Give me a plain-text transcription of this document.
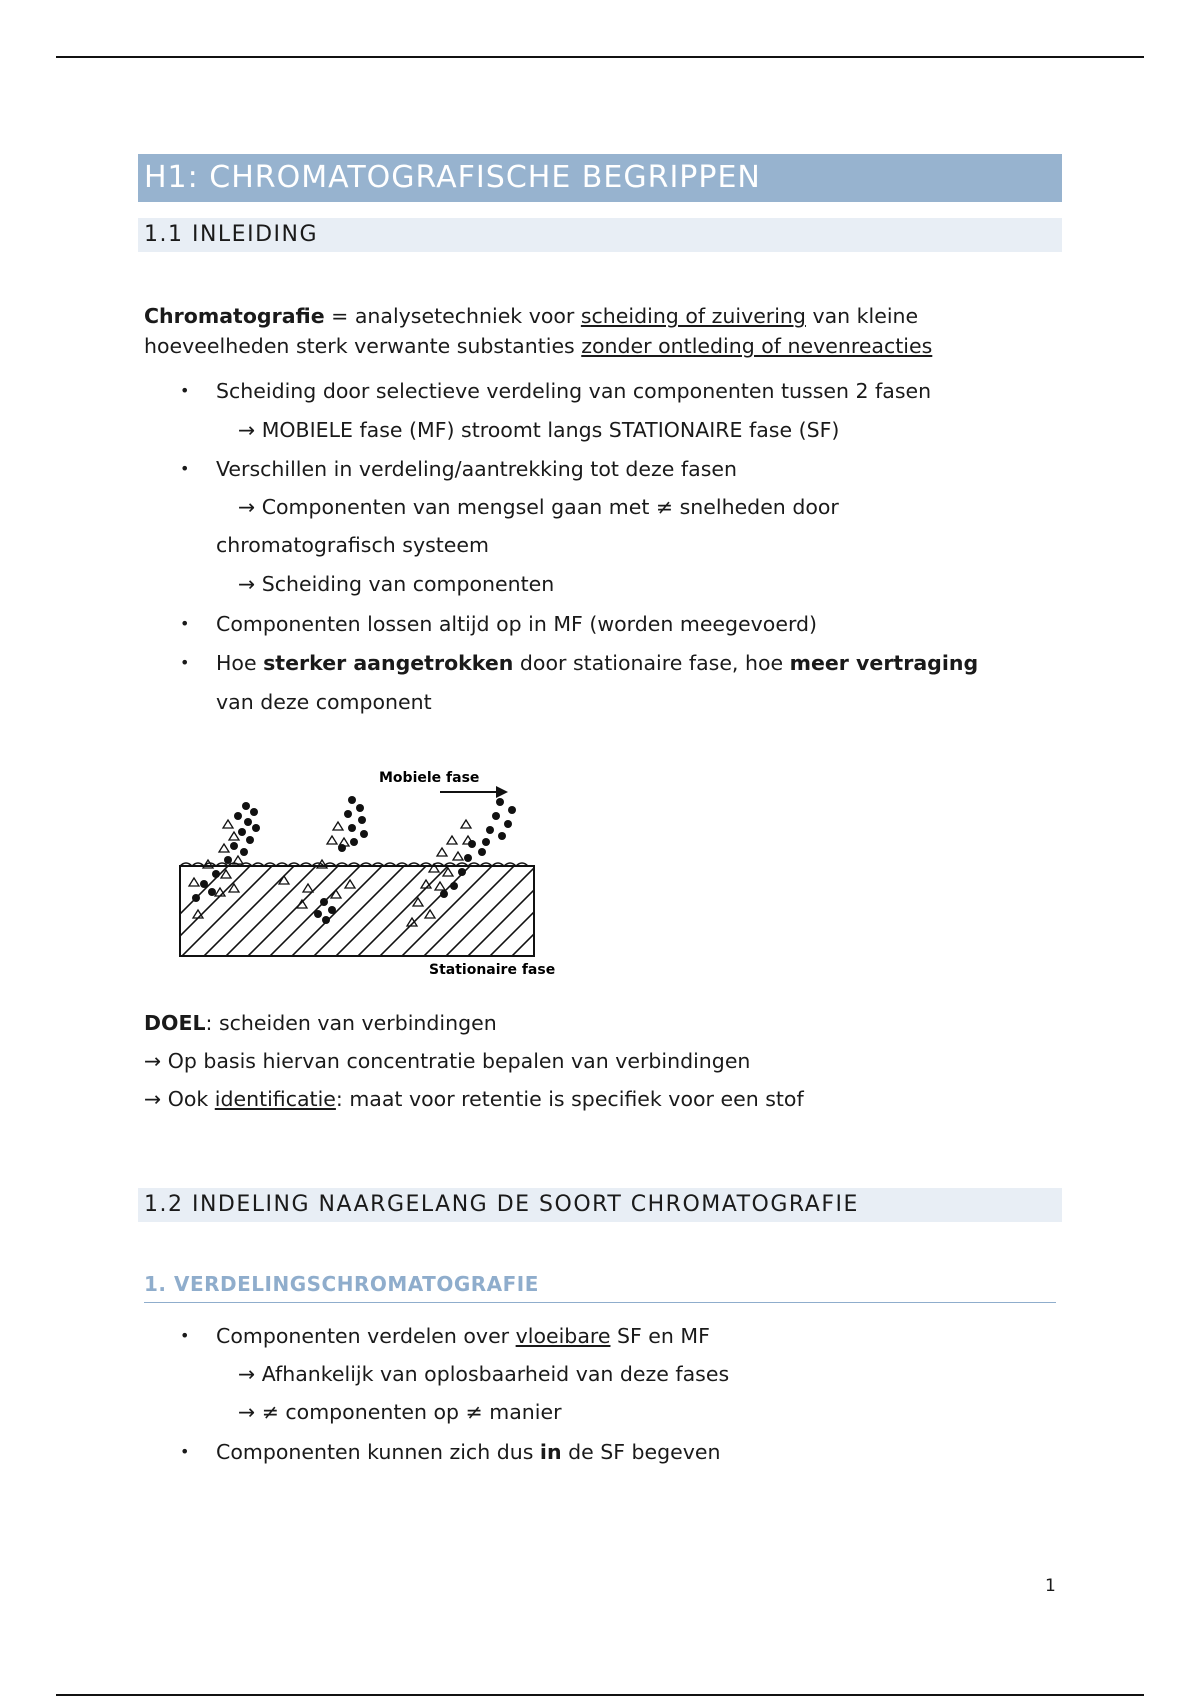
H1: CHROMATOGRAFISCHE BEGRIPPEN
1.1 INLEIDING
Chromatografie = analysetechniek voor scheiding of zuivering van kleine
hoeveelheden sterk verwante substanties zonder ontleding of nevenreacties
• Scheiding door selectieve verdeling van componenten tussen 2 fasen
→ MOBIELE fase (MF) stroomt langs STATIONAIRE fase (SF)
• Verschillen in verdeling/aantrekking tot deze fasen
→ Componenten van mengsel gaan met ≠ snelheden door
chromatografisch systeem
→ Scheiding van componenten
• Componenten lossen altijd op in MF (worden meegevoerd)
• Hoe sterker aangetrokken door stationaire fase, hoe meer vertraging
van deze component
Mobiele fase
Stationaire fase
DOEL: scheiden van verbindingen
→ Op basis hiervan concentratie bepalen van verbindingen
→ Ook identificatie: maat voor retentie is specifiek voor een stof
1.2 INDELING NAARGELANG DE SOORT CHROMATOGRAFIE
1. VERDELINGSCHROMATOGRAFIE
• Componenten verdelen over vloeibare SF en MF
→ Afhankelijk van oplosbaarheid van deze fases
→ ≠ componenten op ≠ manier
• Componenten kunnen zich dus in de SF begeven
1
